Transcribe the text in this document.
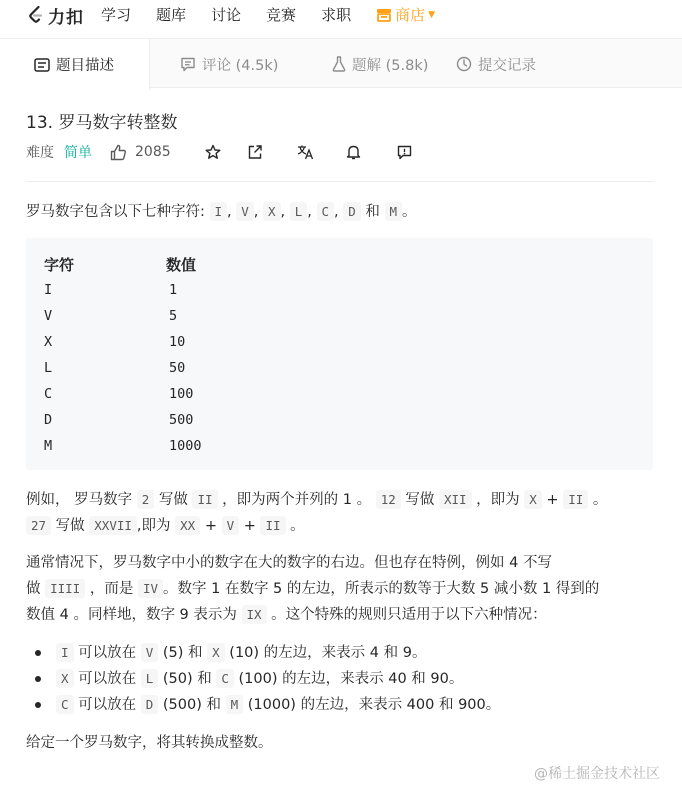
力扣 学习 题库 讨论 竞赛 求职	商店 ▼
题目描述	评论 (4.5k)	题解 (5.8k)	提交记录
13. 罗马数字转整数
难度 简单	2085
罗马数字包含以下七种字符: I , V , X , L , C , D 和 M 。
字符	数值
I	1
V	5
X	10
L	50
C	100
D	500
M	1000
例如， 罗马数字 2 写做 II ，即为两个并列的 1 。 12 写做 XII ，即为 X + II 。
27 写做 XXVII ,即为 XX + V + II 。
通常情况下，罗马数字中小的数字在大的数字的右边。但也存在特例，例如 4 不写
做 IIII ，而是 IV 。数字 1 在数字 5 的左边，所表示的数等于大数 5 减小数 1 得到的
数值 4 。同样地，数字 9 表示为 IX 。这个特殊的规则只适用于以下六种情况：
I 可以放在 V (5) 和 X (10) 的左边，来表示 4 和 9。
X 可以放在 L (50) 和 C (100) 的左边，来表示 40 和 90。
C 可以放在 D (500) 和 M (1000) 的左边，来表示 400 和 900。
给定一个罗马数字，将其转换成整数。
@稀土掘金技术社区
